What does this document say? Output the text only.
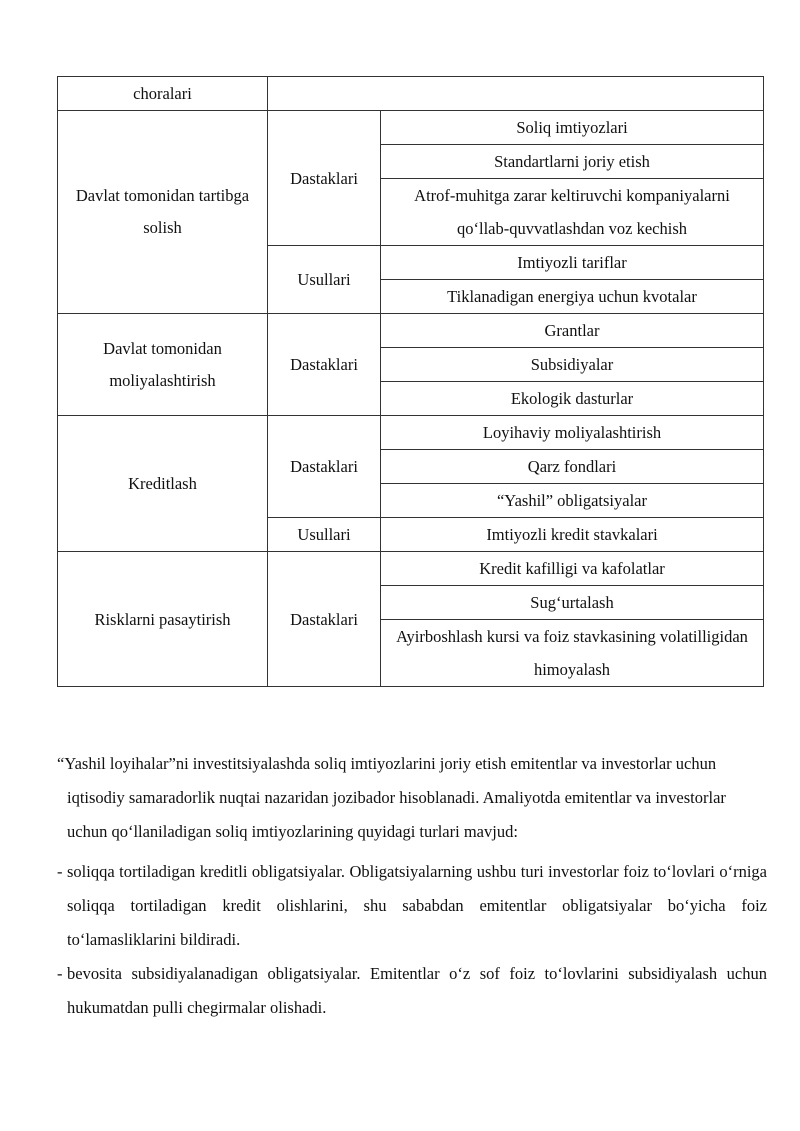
choralari		
Davlat tomonidan tartibga solish	Dastaklari	Soliq imtiyozlari
		Standartlarni joriy etish
		Atrof-muhitga zarar keltiruvchi kompaniyalarni qo‘llab-quvvatlashdan voz kechish

	Usullari	Imtiyozli tariflar
		Tiklanadigan energiya uchun kvotalar
Davlat tomonidan moliyalashtirish	Dastaklari	Grantlar
		Subsidiyalar
		Ekologik dasturlar
Kreditlash	Dastaklari	Loyihaviy moliyalashtirish
		Qarz fondlari
		“Yashil” obligatsiyalar
	Usullari	Imtiyozli kredit stavkalari
Risklarni pasaytirish	Dastaklari	Kredit kafilligi va kafolatlar
		Sug‘urtalash
		Ayirboshlash kursi va foiz stavkasining volatilligidan himoyalash

“Yashil loyihalar”ni investitsiyalashda soliq imtiyozlarini joriy etish emitentlar va investorlar uchun iqtisodiy samaradorlik nuqtai nazaridan jozibador hisoblanadi. Amaliyotda emitentlar va investorlar uchun qo‘llaniladigan soliq imtiyozlarining quyidagi turlari mavjud:

- soliqqa tortiladigan kreditli obligatsiyalar. Obligatsiyalarning ushbu turi investorlar foiz to‘lovlari o‘rniga soliqqa tortiladigan kredit olishlarini, shu sababdan emitentlar obligatsiyalar bo‘yicha foiz to‘lamasliklarini bildiradi.
- bevosita subsidiyalanadigan obligatsiyalar. Emitentlar o‘z sof foiz to‘lovlarini subsidiyalash uchun hukumatdan pulli chegirmalar olishadi.
